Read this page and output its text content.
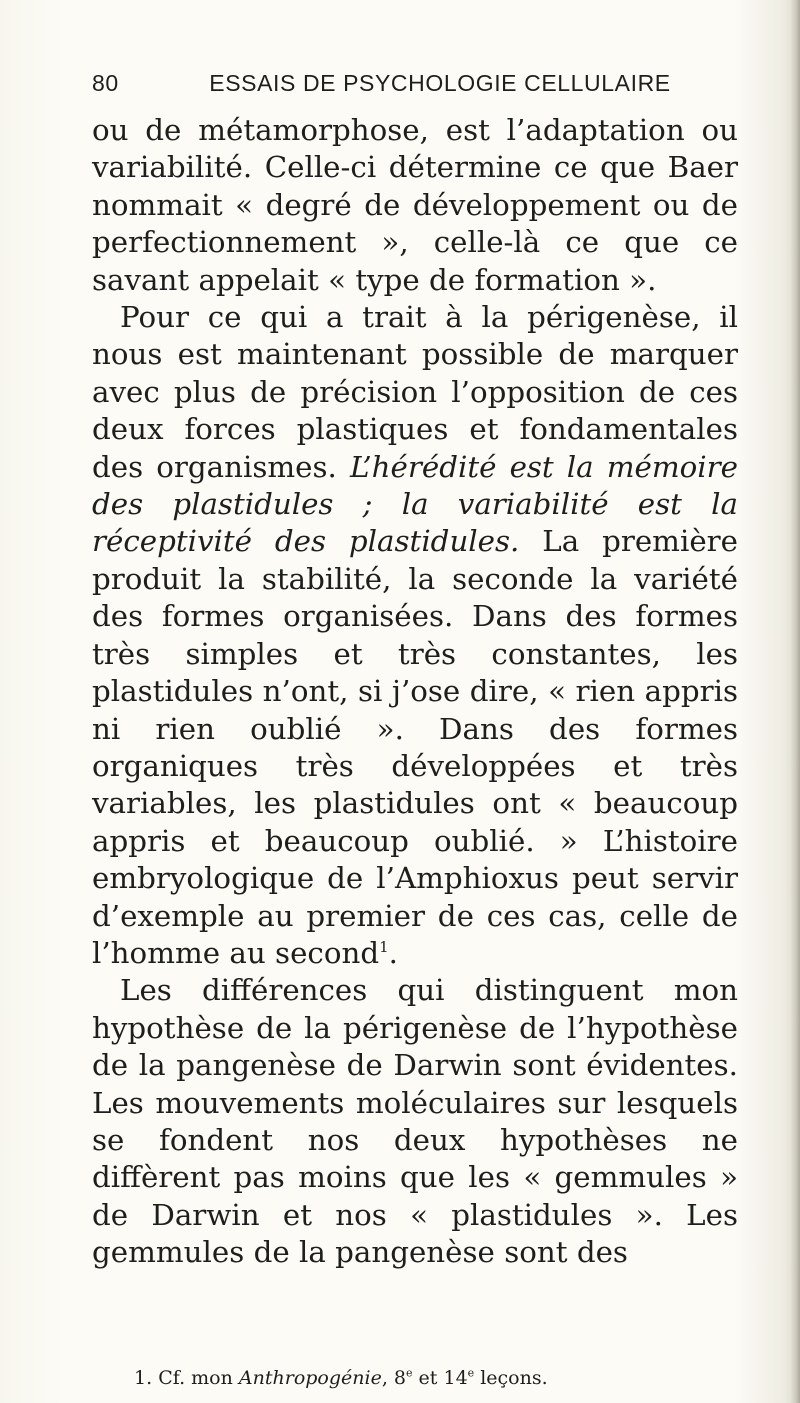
80	ESSAIS DE PSYCHOLOGIE CELLULAIRE

ou de métamorphose, est l’adaptation ou variabilité. Celle-ci détermine ce que Baer nommait « degré de développement ou de perfectionnement », celle-là ce que ce savant appelait « type de formation ».

Pour ce qui a trait à la périgenèse, il nous est maintenant possible de marquer avec plus de précision l’opposition de ces deux forces plastiques et fondamentales des organismes. L’hérédité est la mémoire des plastidules ; la variabilité est la réceptivité des plastidules. La première produit la stabilité, la seconde la variété des formes organisées. Dans des formes très simples et très constantes, les plastidules n’ont, si j’ose dire, « rien appris ni rien oublié ». Dans des formes organiques très développées et très variables, les plastidules ont « beaucoup appris et beaucoup oublié. » L’histoire embryologique de l’Amphioxus peut servir d’exemple au premier de ces cas, celle de l’homme au second$^1$.

Les différences qui distinguent mon hypothèse de la périgenèse de l’hypothèse de la pangenèse de Darwin sont évidentes. Les mouvements moléculaires sur lesquels se fondent nos deux hypothèses ne diffèrent pas moins que les « gemmules » de Darwin et nos « plastidules ». Les gemmules de la pangenèse sont des

1. Cf. mon Anthropogénie, 8e et 14e leçons.
